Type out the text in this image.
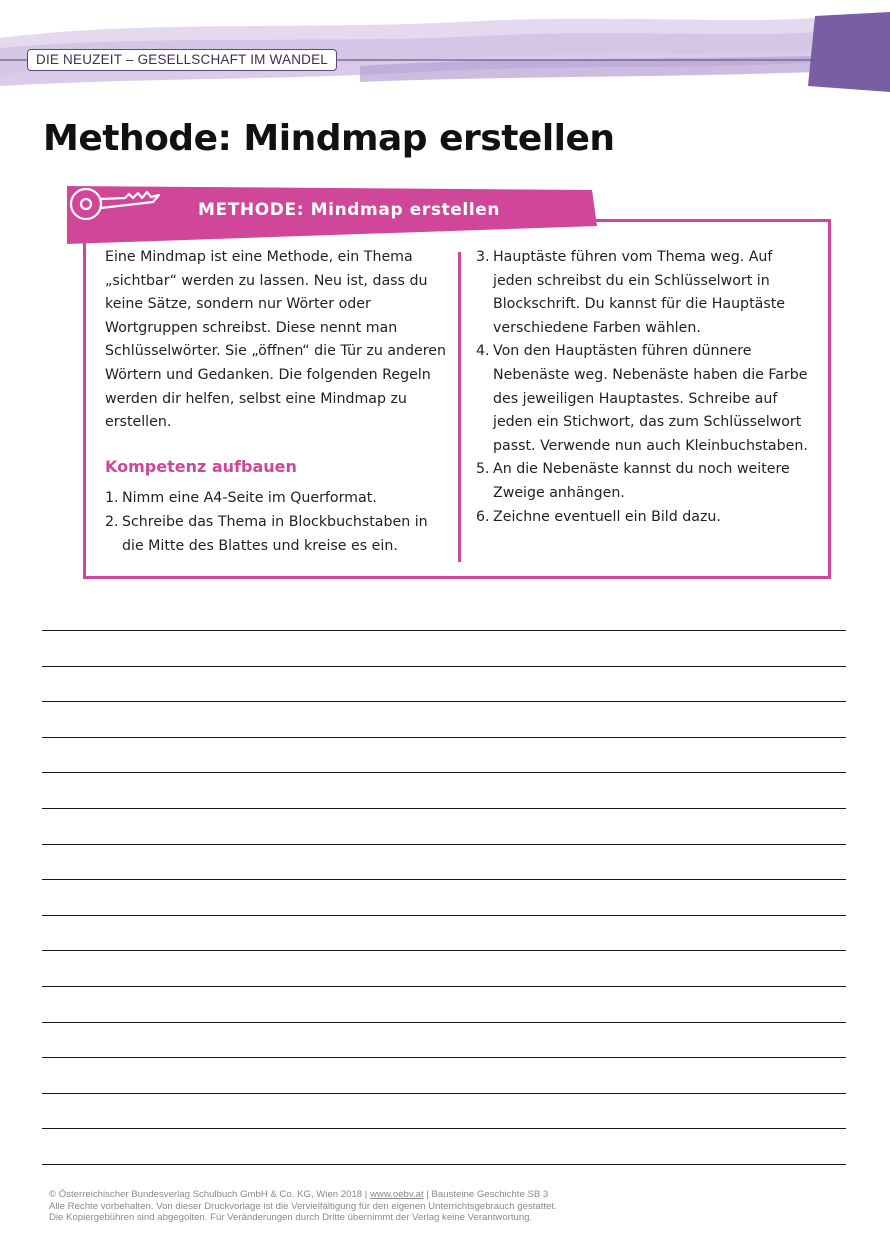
DIE NEUZEIT – GESELLSCHAFT IM WANDEL
Methode: Mindmap erstellen
METHODE: Mindmap erstellen

Eine Mindmap ist eine Methode, ein Thema „sichtbar“ werden zu lassen. Neu ist, dass du keine Sätze, sondern nur Wörter oder Wortgruppen schreibst. Diese nennt man Schlüsselwörter. Sie „öffnen“ die Tür zu anderen Wörtern und Gedanken. Die folgenden Regeln werden dir helfen, selbst eine Mindmap zu erstellen.

Kompetenz aufbauen
1. Nimm eine A4-Seite im Querformat.
2. Schreibe das Thema in Blockbuchstaben in die Mitte des Blattes und kreise es ein.
3. Hauptäste führen vom Thema weg. Auf jeden schreibst du ein Schlüsselwort in Blockschrift. Du kannst für die Hauptäste verschiedene Farben wählen.
4. Von den Hauptästen führen dünnere Nebenäste weg. Nebenäste haben die Farbe des jeweiligen Hauptastes. Schreibe auf jeden ein Stichwort, das zum Schlüsselwort passt. Verwende nun auch Kleinbuchstaben.
5. An die Nebenäste kannst du noch weitere Zweige anhängen.
6. Zeichne eventuell ein Bild dazu.
© Österreichischer Bundesverlag Schulbuch GmbH & Co. KG, Wien 2018 | www.oebv.at | Bausteine Geschichte SB 3
Alle Rechte vorbehalten. Von dieser Druckvorlage ist die Vervielfältigung für den eigenen Unterrichtsgebrauch gestattet.
Die Kopiergebühren sind abgegolten. Für Veränderungen durch Dritte übernimmt der Verlag keine Verantwortung.
